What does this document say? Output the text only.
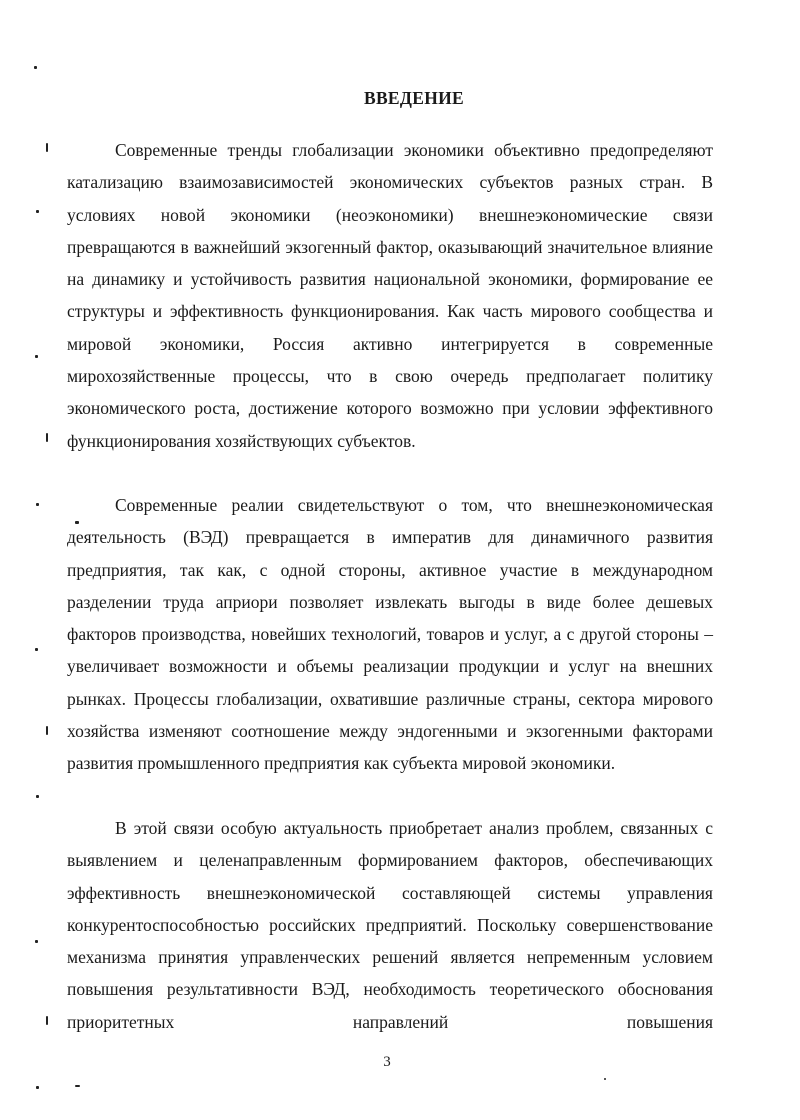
ВВЕДЕНИЕ

Современные тренды глобализации экономики объективно предопределяют катализацию взаимозависимостей экономических субъектов разных стран. В условиях новой экономики (неоэкономики) внешнеэкономические связи превращаются в важнейший экзогенный фактор, оказывающий значительное влияние на динамику и устойчивость развития национальной экономики, формирование ее структуры и эффективность функционирования. Как часть мирового сообщества и мировой экономики, Россия активно интегрируется в современные мирохозяйственные процессы, что в свою очередь предполагает политику экономического роста, достижение которого возможно при условии эффективного функционирования хозяйствующих субъектов.

Современные реалии свидетельствуют о том, что внешнеэкономическая деятельность (ВЭД) превращается в императив для динамичного развития предприятия, так как, с одной стороны, активное участие в международном разделении труда априори позволяет извлекать выгоды в виде более дешевых факторов производства, новейших технологий, товаров и услуг, а с другой стороны – увеличивает возможности и объемы реализации продукции и услуг на внешних рынках. Процессы глобализации, охватившие различные страны, сектора мирового хозяйства изменяют соотношение между эндогенными и экзогенными факторами развития промышленного предприятия как субъекта мировой экономики.

В этой связи особую актуальность приобретает анализ проблем, связанных с выявлением и целенаправленным формированием факторов, обеспечивающих эффективность внешнеэкономической составляющей системы управления конкурентоспособностью российских предприятий. Поскольку совершенствование механизма принятия управленческих решений является непременным условием повышения результативности ВЭД, необходимость теоретического обоснования приоритетных направлений повышения

3
